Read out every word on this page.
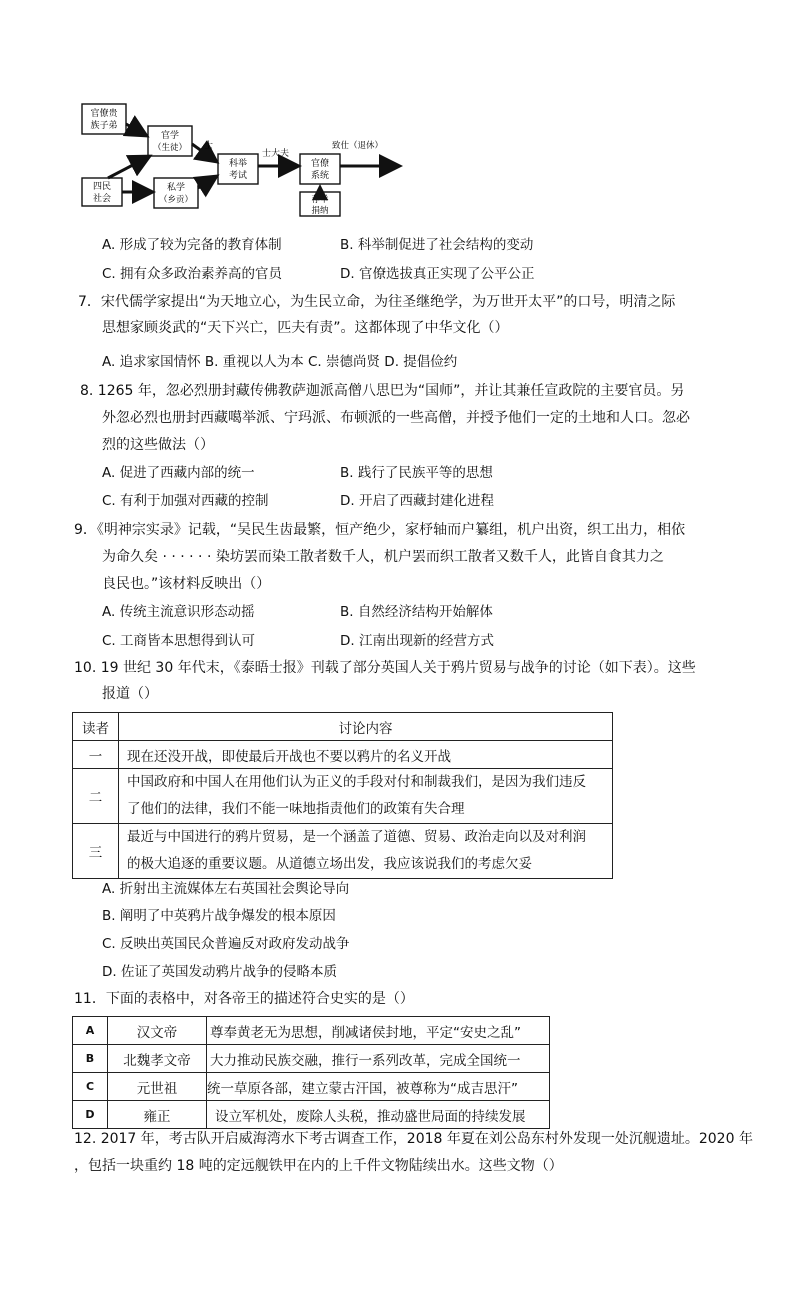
官僚贵
族子弟
官学
（生徒）
四民
社会
私学
（乡贡）
科举
考试
官僚
系统
荐举
捐纳
士
士大夫
致仕（退休）
A. 形成了较为完备的教育体制	B. 科举制促进了社会结构的变动
C. 拥有众多政治素养高的官员	D. 官僚选拔真正实现了公平公正
7．宋代儒学家提出“为天地立心，为生民立命，为往圣继绝学，为万世开太平”的口号，明清之际
思想家顾炎武的“天下兴亡，匹夫有责”。这都体现了中华文化（）
A. 追求家国情怀 B. 重视以人为本 C. 崇德尚贤 D. 提倡俭约
8. 1265 年，忽必烈册封藏传佛教萨迦派高僧八思巴为“国师”，并让其兼任宣政院的主要官员。另
外忽必烈也册封西藏噶举派、宁玛派、布顿派的一些高僧，并授予他们一定的土地和人口。忽必
烈的这些做法（）
A. 促进了西藏内部的统一	B. 践行了民族平等的思想
C. 有利于加强对西藏的控制	D. 开启了西藏封建化进程
9．《明神宗实录》记载，“吴民生齿最繁，恒产绝少，家杼轴而户纂组，机户出资，织工出力，相依
为命久矣 · · · · · · 染坊罢而染工散者数千人，机户罢而织工散者又数千人，此皆自食其力之
良民也。”该材料反映出（）
A. 传统主流意识形态动摇	B. 自然经济结构开始解体
C. 工商皆本思想得到认可	D. 江南出现新的经营方式
10. 19 世纪 30 年代末，《泰晤士报》刊载了部分英国人关于鸦片贸易与战争的讨论（如下表）。这些
报道（）
读者	讨论内容
一	现在还没开战，即使最后开战也不要以鸦片的名义开战
二	中国政府和中国人在用他们认为正义的手段对付和制裁我们，是因为我们违反
了他们的法律，我们不能一味地指责他们的政策有失合理

三	最近与中国进行的鸦片贸易，是一个涵盖了道德、贸易、政治走向以及对利润
的极大追逐的重要议题。从道德立场出发，我应该说我们的考虑欠妥
A. 折射出主流媒体左右英国社会舆论导向
B. 阐明了中英鸦片战争爆发的根本原因
C. 反映出英国民众普遍反对政府发动战争
D. 佐证了英国发动鸦片战争的侵略本质
11．下面的表格中，对各帝王的描述符合史实的是（）
A	汉文帝	尊奉黄老无为思想，削减诸侯封地，平定“安史之乱”
B	北魏孝文帝	大力推动民族交融，推行一系列改革，完成全国统一
C	元世祖	统一草原各部，建立蒙古汗国，被尊称为“成吉思汗”
D	雍正	设立军机处，废除人头税，推动盛世局面的持续发展
12. 2017 年，考古队开启威海湾水下考古调查工作，2018 年夏在刘公岛东村外发现一处沉舰遗址。2020 年
，包括一块重约 18 吨的定远舰铁甲在内的上千件文物陆续出水。这些文物（）
